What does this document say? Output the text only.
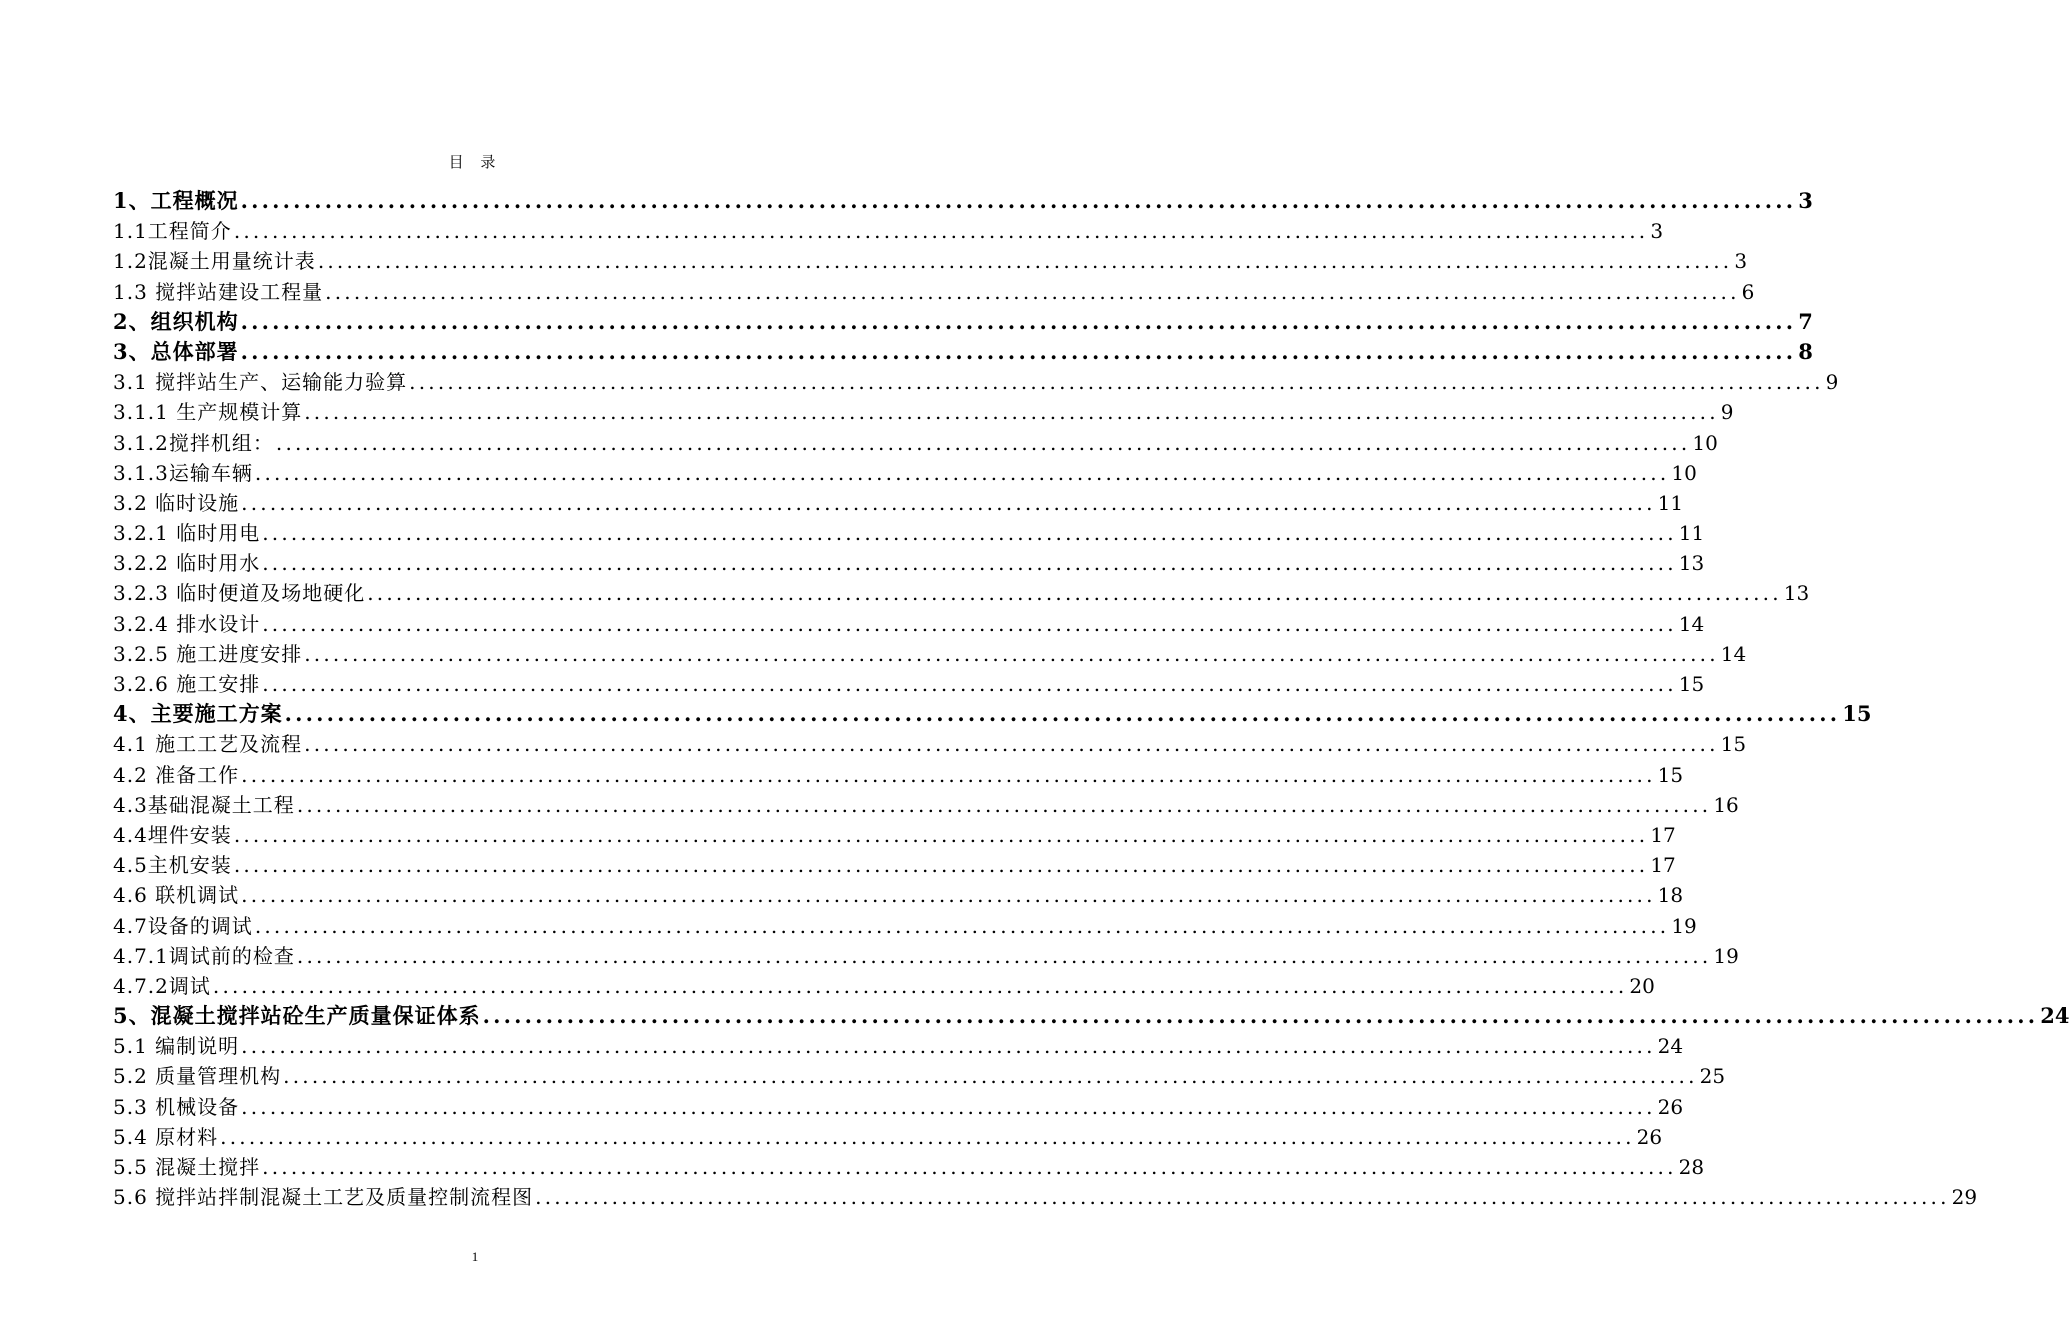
目 录
1、工程概况 .................................................................................................................................................... 3
1.1工程简介 .................................................................................................................................................... 3
1.2混凝土用量统计表 .................................................................................................................................................... 3
1.3 搅拌站建设工程量 .................................................................................................................................................... 6
2、组织机构 .................................................................................................................................................... 7
3、总体部署 .................................................................................................................................................... 8
3.1 搅拌站生产、运输能力验算 .................................................................................................................................................... 9
3.1.1 生产规模计算 .................................................................................................................................................... 9
3.1.2搅拌机组： .................................................................................................................................................... 10
3.1.3运输车辆 .................................................................................................................................................... 10
3.2 临时设施 .................................................................................................................................................... 11
3.2.1 临时用电 .................................................................................................................................................... 11
3.2.2 临时用水 .................................................................................................................................................... 13
3.2.3 临时便道及场地硬化 .................................................................................................................................................... 13
3.2.4 排水设计 .................................................................................................................................................... 14
3.2.5 施工进度安排 .................................................................................................................................................... 14
3.2.6 施工安排 .................................................................................................................................................... 15
4、主要施工方案 .................................................................................................................................................... 15
4.1 施工工艺及流程 .................................................................................................................................................... 15
4.2 准备工作 .................................................................................................................................................... 15
4.3基础混凝土工程 .................................................................................................................................................... 16
4.4埋件安装 .................................................................................................................................................... 17
4.5主机安装 .................................................................................................................................................... 17
4.6 联机调试 .................................................................................................................................................... 18
4.7设备的调试 .................................................................................................................................................... 19
4.7.1调试前的检查 .................................................................................................................................................... 19
4.7.2调试 .................................................................................................................................................... 20
5、混凝土搅拌站砼生产质量保证体系 .................................................................................................................................................... 24
5.1 编制说明 .................................................................................................................................................... 24
5.2 质量管理机构 .................................................................................................................................................... 25
5.3 机械设备 .................................................................................................................................................... 26
5.4 原材料 .................................................................................................................................................... 26
5.5 混凝土搅拌 .................................................................................................................................................... 28
5.6 搅拌站拌制混凝土工艺及质量控制流程图 .................................................................................................................................................... 29
1
